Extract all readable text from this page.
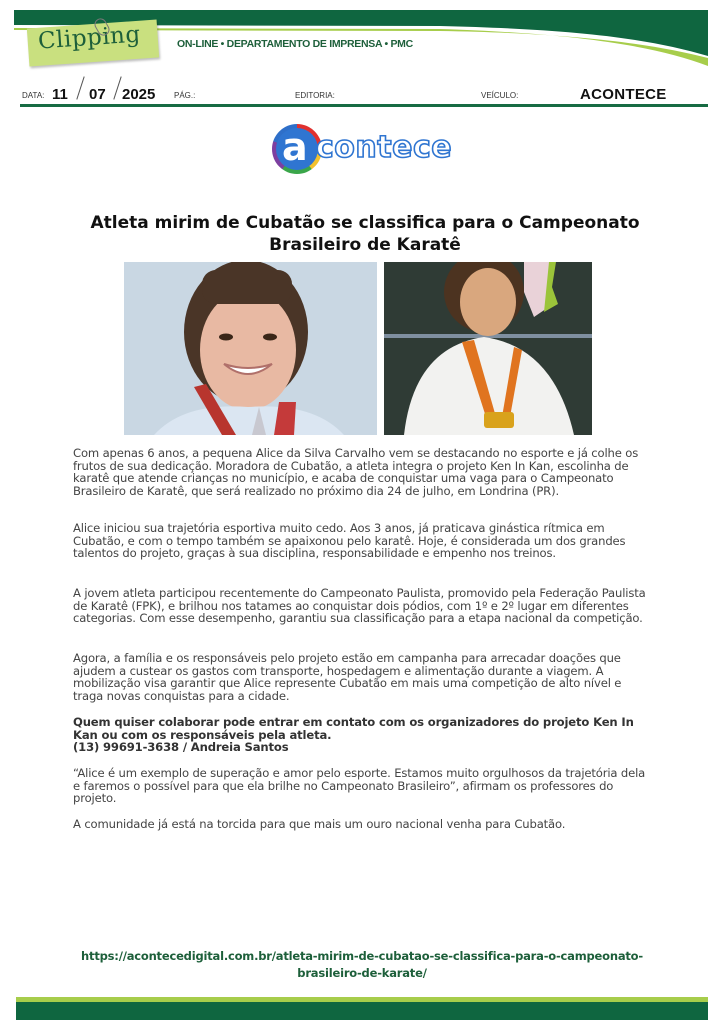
Clipping	ON-LINE • DEPARTAMENTO DE IMPRENSA • PMC
DATA: 11 07 2025 PÁG.:	EDITORIA:	VEÍCULO:	ACONTECE
a contece
Atleta mirim de Cubatão se classifica para o Campeonato Brasileiro de Karatê

Com apenas 6 anos, a pequena Alice da Silva Carvalho vem se destacando no esporte e já colhe os frutos de sua dedicação. Moradora de Cubatão, a atleta integra o projeto Ken In Kan, escolinha de karatê que atende crianças no município, e acaba de conquistar uma vaga para o Campeonato Brasileiro de Karatê, que será realizado no próximo dia 24 de julho, em Londrina (PR).

Alice iniciou sua trajetória esportiva muito cedo. Aos 3 anos, já praticava ginástica rítmica em Cubatão, e com o tempo também se apaixonou pelo karatê. Hoje, é considerada um dos grandes talentos do projeto, graças à sua disciplina, responsabilidade e empenho nos treinos.

A jovem atleta participou recentemente do Campeonato Paulista, promovido pela Federação Paulista de Karatê (FPK), e brilhou nos tatames ao conquistar dois pódios, com 1º e 2º lugar em diferentes categorias. Com esse desempenho, garantiu sua classificação para a etapa nacional da competição.

Agora, a família e os responsáveis pelo projeto estão em campanha para arrecadar doações que ajudem a custear os gastos com transporte, hospedagem e alimentação durante a viagem. A mobilização visa garantir que Alice represente Cubatão em mais uma competição de alto nível e traga novas conquistas para a cidade.

Quem quiser colaborar pode entrar em contato com os organizadores do projeto Ken In Kan ou com os responsáveis pela atleta.

(13) 99691-3638 / Andreia Santos

“Alice é um exemplo de superação e amor pelo esporte. Estamos muito orgulhosos da trajetória dela e faremos o possível para que ela brilhe no Campeonato Brasileiro”, afirmam os professores do projeto.

A comunidade já está na torcida para que mais um ouro nacional venha para Cubatão.

https://acontecedigital.com.br/atleta-mirim-de-cubatao-se-classifica-para-o-campeonato-brasileiro-de-karate/
